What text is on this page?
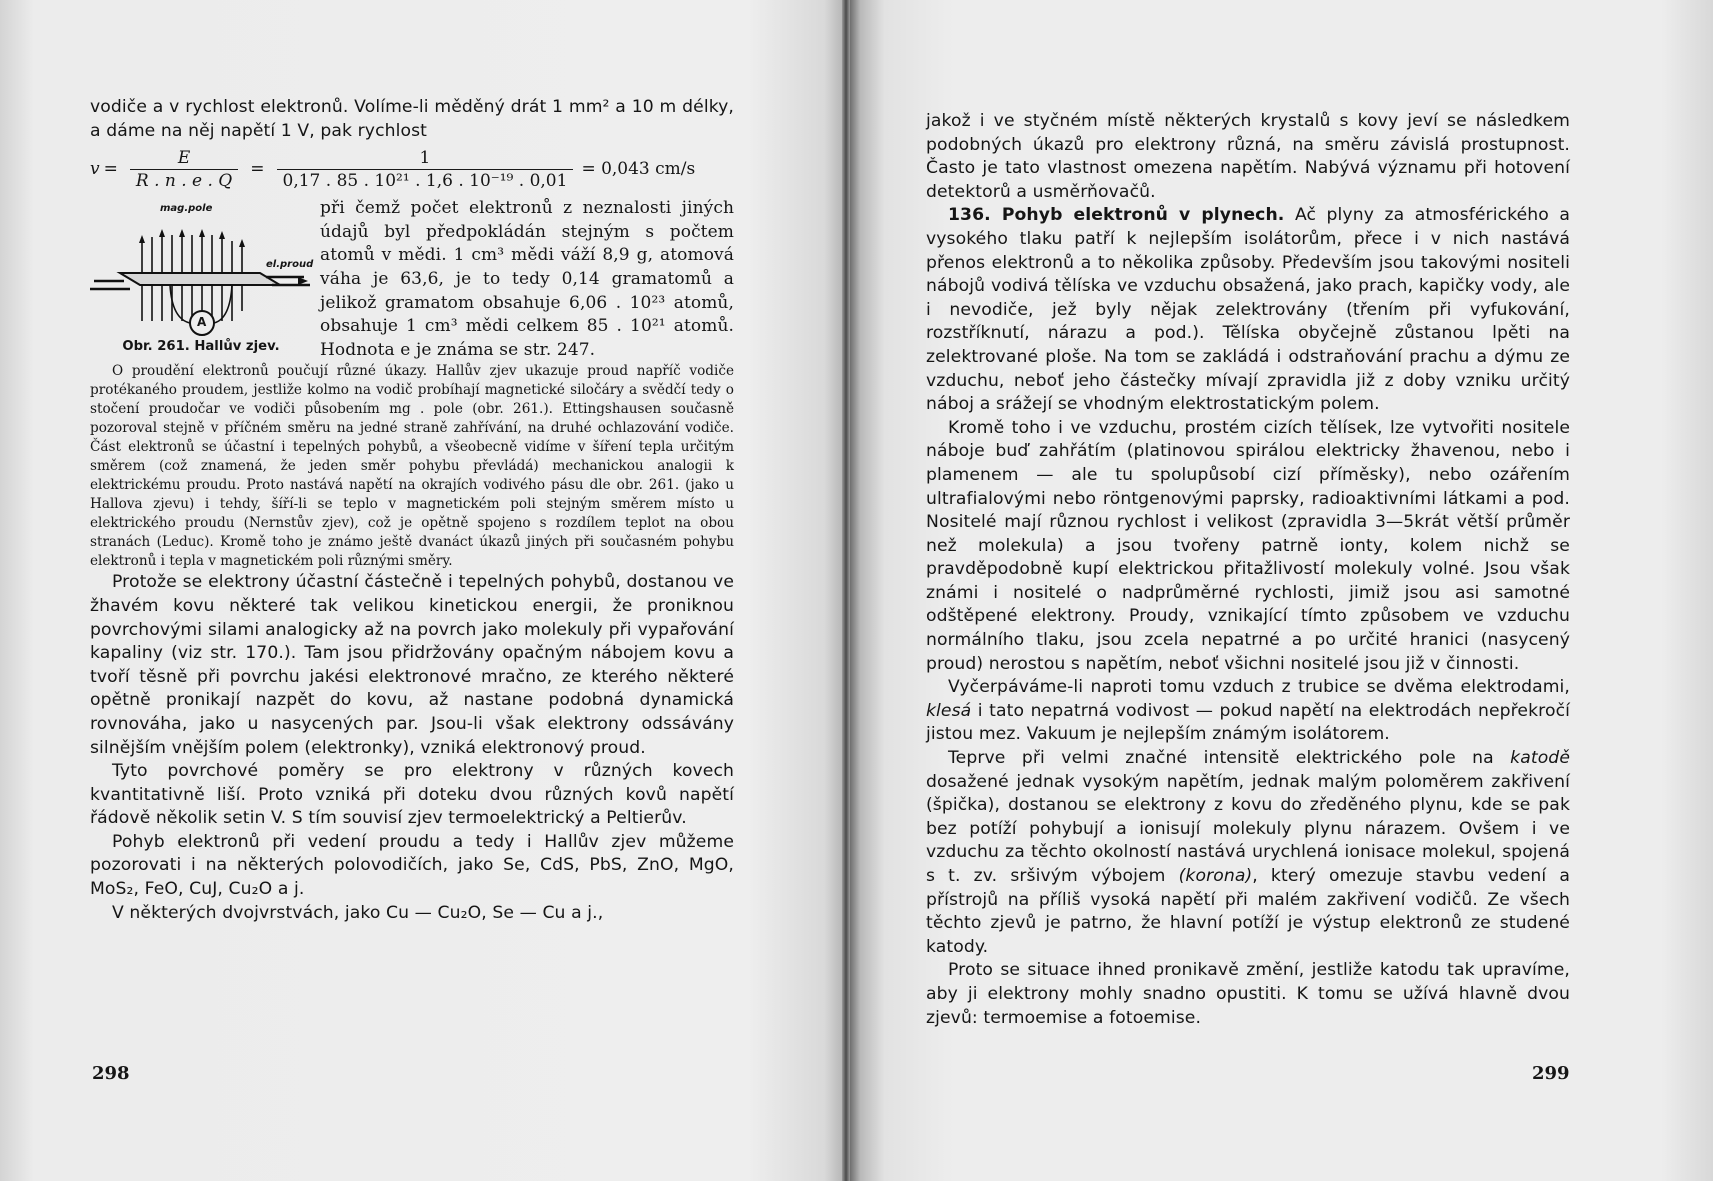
vodiče a v rychlost elektronů. Volíme-li měděný drát 1 mm² a 10 m délky, a dáme na něj napětí 1 V, pak rychlost

$v = \frac{E}{R . n . e . Q} = \frac{1}{\text{0,17 . 85 . 10²¹ . 1,6 . 10⁻¹⁹ . 0,01}} = 0,043$ cm/s
mag.pole
el.proud
A
Obr. 261. Hallův zjev.

při čemž počet elektronů z neznalosti jiných údajů byl předpokládán stejným s počtem atomů v mědi. 1 cm³ mědi váží 8,9 g, atomová váha je 63,6, je to tedy 0,14 gramatomů a jelikož gramatom obsahuje 6,06 . 10²³ atomů, obsahuje 1 cm³ mědi celkem 85 . 10²¹ atomů. Hodnota e je známa se str. 247.

O proudění elektronů poučují různé úkazy. Hallův zjev ukazuje proud napříč vodiče protékaného proudem, jestliže kolmo na vodič probíhají magnetické siločáry a svědčí tedy o stočení proudočar ve vodiči působením mg . pole (obr. 261.). Ettingshausen současně pozoroval stejně v příčném směru na jedné straně zahřívání, na druhé ochlazování vodiče. Část elektronů se účastní i tepelných pohybů, a všeobecně vidíme v šíření tepla určitým směrem (což znamená, že jeden směr pohybu převládá) mechanickou analogii k elektrickému proudu. Proto nastává napětí na okrajích vodivého pásu dle obr. 261. (jako u Hallova zjevu) i tehdy, šíří-li se teplo v magnetickém poli stejným směrem místo u elektrického proudu (Nernstův zjev), což je opětně spojeno s rozdílem teplot na obou stranách (Leduc). Kromě toho je známo ještě dvanáct úkazů jiných při současném pohybu elektronů i tepla v magnetickém poli různými směry.

Protože se elektrony účastní částečně i tepelných pohybů, dostanou ve žhavém kovu některé tak velikou kinetickou energii, že proniknou povrchovými silami analogicky až na povrch jako molekuly při vypařování kapaliny (viz str. 170.). Tam jsou přidržovány opačným nábojem kovu a tvoří těsně při povrchu jakési elektronové mračno, ze kterého některé opětně pronikají nazpět do kovu, až nastane podobná dynamická rovnováha, jako u nasycených par. Jsou-li však elektrony odssávány silnějším vnějším polem (elektronky), vzniká elektronový proud.

Tyto povrchové poměry se pro elektrony v různých kovech kvantitativně liší. Proto vzniká při doteku dvou různých kovů napětí řádově několik setin V. S tím souvisí zjev termoelektrický a Peltierův.

Pohyb elektronů při vedení proudu a tedy i Hallův zjev můžeme pozorovati i na některých polovodičích, jako Se, CdS, PbS, ZnO, MgO, MoS₂, FeO, CuJ, Cu₂O a j.

V některých dvojvrstvách, jako Cu — Cu₂O, Se — Cu a j.,

298

jakož i ve styčném místě některých krystalů s kovy jeví se následkem podobných úkazů pro elektrony různá, na směru závislá prostupnost. Často je tato vlastnost omezena napětím. Nabývá významu při hotovení detektorů a usměrňovačů.

136. Pohyb elektronů v plynech. Ač plyny za atmosférického a vysokého tlaku patří k nejlepším isolátorům, přece i v nich nastává přenos elektronů a to několika způsoby. Především jsou takovými nositeli nábojů vodivá tělíska ve vzduchu obsažená, jako prach, kapičky vody, ale i nevodiče, jež byly nějak zelektrovány (třením při vyfukování, rozstříknutí, nárazu a pod.). Tělíska obyčejně zůstanou lpěti na zelektrované ploše. Na tom se zakládá i odstraňování prachu a dýmu ze vzduchu, neboť jeho částečky mívají zpravidla již z doby vzniku určitý náboj a srážejí se vhodným elektrostatickým polem.

Kromě toho i ve vzduchu, prostém cizích tělísek, lze vytvořiti nositele náboje buď zahřátím (platinovou spirálou elektricky žhavenou, nebo i plamenem — ale tu spolupůsobí cizí příměsky), nebo ozářením ultrafialovými nebo röntgenovými paprsky, radioaktivními látkami a pod. Nositelé mají různou rychlost i velikost (zpravidla 3—5krát větší průměr než molekula) a jsou tvořeny patrně ionty, kolem nichž se pravděpodobně kupí elektrickou přitažlivostí molekuly volné. Jsou však známi i nositelé o nadprůměrné rychlosti, jimiž jsou asi samotné odštěpené elektrony. Proudy, vznikající tímto způsobem ve vzduchu normálního tlaku, jsou zcela nepatrné a po určité hranici (nasycený proud) nerostou s napětím, neboť všichni nositelé jsou již v činnosti.

Vyčerpáváme-li naproti tomu vzduch z trubice se dvěma elektrodami, klesá i tato nepatrná vodivost — pokud napětí na elektrodách nepřekročí jistou mez. Vakuum je nejlepším známým isolátorem.

Teprve při velmi značné intensitě elektrického pole na katodě dosažené jednak vysokým napětím, jednak malým poloměrem zakřivení (špička), dostanou se elektrony z kovu do zředěného plynu, kde se pak bez potíží pohybují a ionisují molekuly plynu nárazem. Ovšem i ve vzduchu za těchto okolností nastává urychlená ionisace molekul, spojená s t. zv. sršivým výbojem (korona), který omezuje stavbu vedení a přístrojů na příliš vysoká napětí při malém zakřivení vodičů. Ze všech těchto zjevů je patrno, že hlavní potíží je výstup elektronů ze studené katody.

Proto se situace ihned pronikavě změní, jestliže katodu tak upravíme, aby ji elektrony mohly snadno opustiti. K tomu se užívá hlavně dvou zjevů: termoemise a fotoemise.

299
